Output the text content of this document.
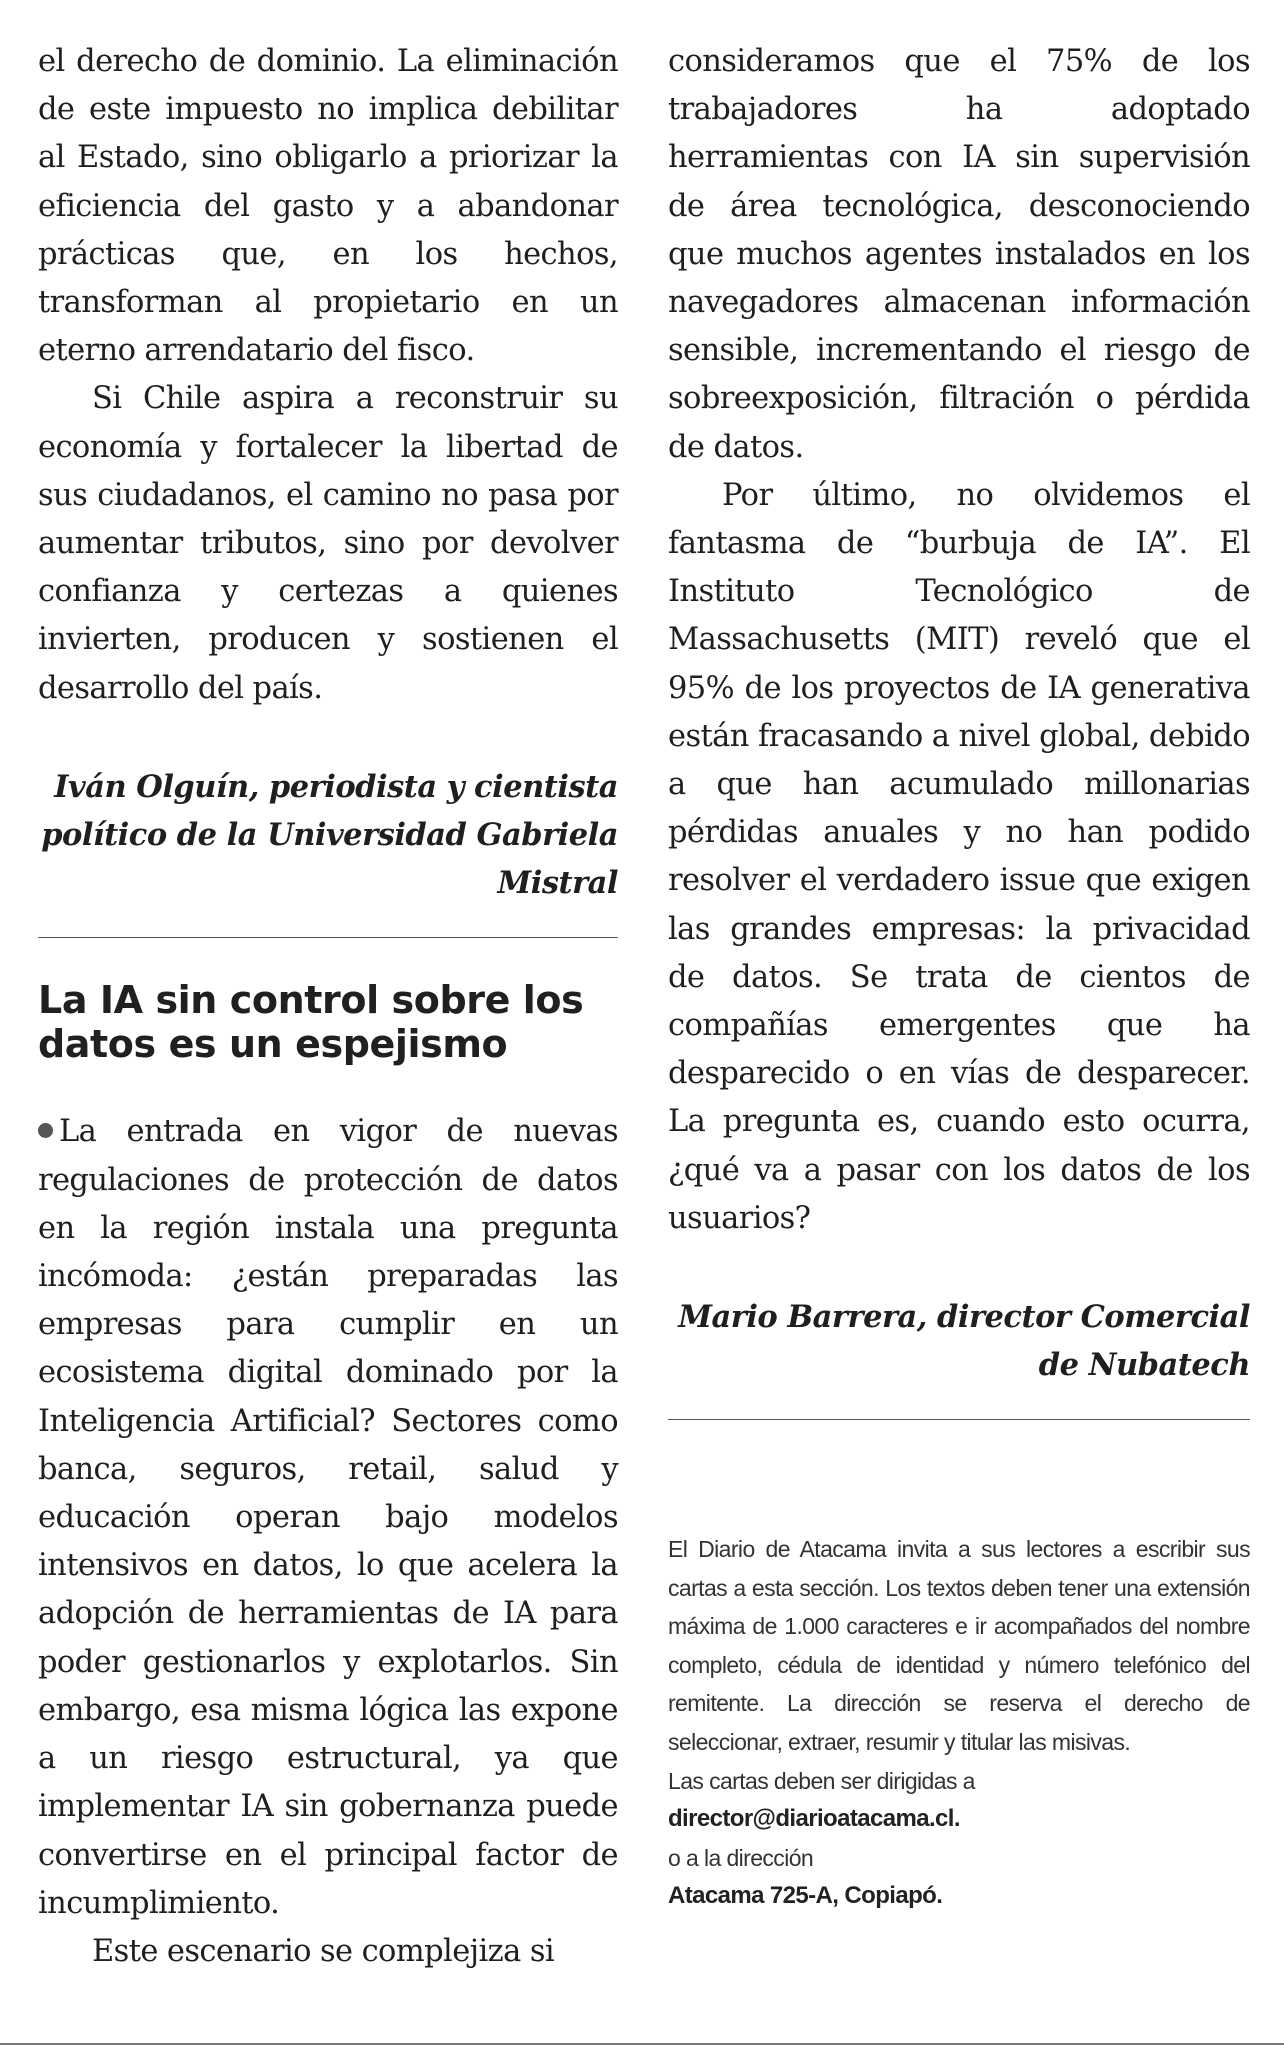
el derecho de dominio. La eliminación de este impuesto no implica debilitar al Estado, sino obligarlo a priorizar la eficiencia del gasto y a abandonar prácticas que, en los hechos, transforman al propietario en un eterno arrendatario del fisco.

Si Chile aspira a reconstruir su economía y fortalecer la libertad de sus ciudadanos, el camino no pasa por aumentar tributos, sino por devolver confianza y certezas a quienes invierten, producen y sostienen el desarrollo del país.

Iván Olguín, periodista y cientista político de la Universidad Gabriela Mistral

La IA sin control sobre los datos es un espejismo

La entrada en vigor de nuevas regulaciones de protección de datos en la región instala una pregunta incómoda: ¿están preparadas las empresas para cumplir en un ecosistema digital dominado por la Inteligencia Artificial? Sectores como banca, seguros, retail, salud y educación operan bajo modelos intensivos en datos, lo que acelera la adopción de herramientas de IA para poder gestionarlos y explotarlos. Sin embargo, esa misma lógica las expone a un riesgo estructural, ya que implementar IA sin gobernanza puede convertirse en el principal factor de incumplimiento.

Este escenario se complejiza si

consideramos que el 75% de los trabajadores ha adoptado herramientas con IA sin supervisión de área tecnológica, desconociendo que muchos agentes instalados en los navegadores almacenan información sensible, incrementando el riesgo de sobreexposición, filtración o pérdida de datos.

Por último, no olvidemos el fantasma de “burbuja de IA”. El Instituto Tecnológico de Massachusetts (MIT) reveló que el 95% de los proyectos de IA generativa están fracasando a nivel global, debido a que han acumulado millonarias pérdidas anuales y no han podido resolver el verdadero issue que exigen las grandes empresas: la privacidad de datos. Se trata de cientos de compañías emergentes que ha desparecido o en vías de desparecer. La pregunta es, cuando esto ocurra, ¿qué va a pasar con los datos de los usuarios?

Mario Barrera, director Comercial de Nubatech

El Diario de Atacama invita a sus lectores a escribir sus cartas a esta sección. Los textos deben tener una extensión máxima de 1.000 caracteres e ir acompañados del nombre completo, cédula de identidad y número telefónico del remitente. La dirección se reserva el derecho de seleccionar, extraer, resumir y titular las misivas.

Las cartas deben ser dirigidas a

director@diarioatacama.cl.

o a la dirección

Atacama 725-A, Copiapó.
